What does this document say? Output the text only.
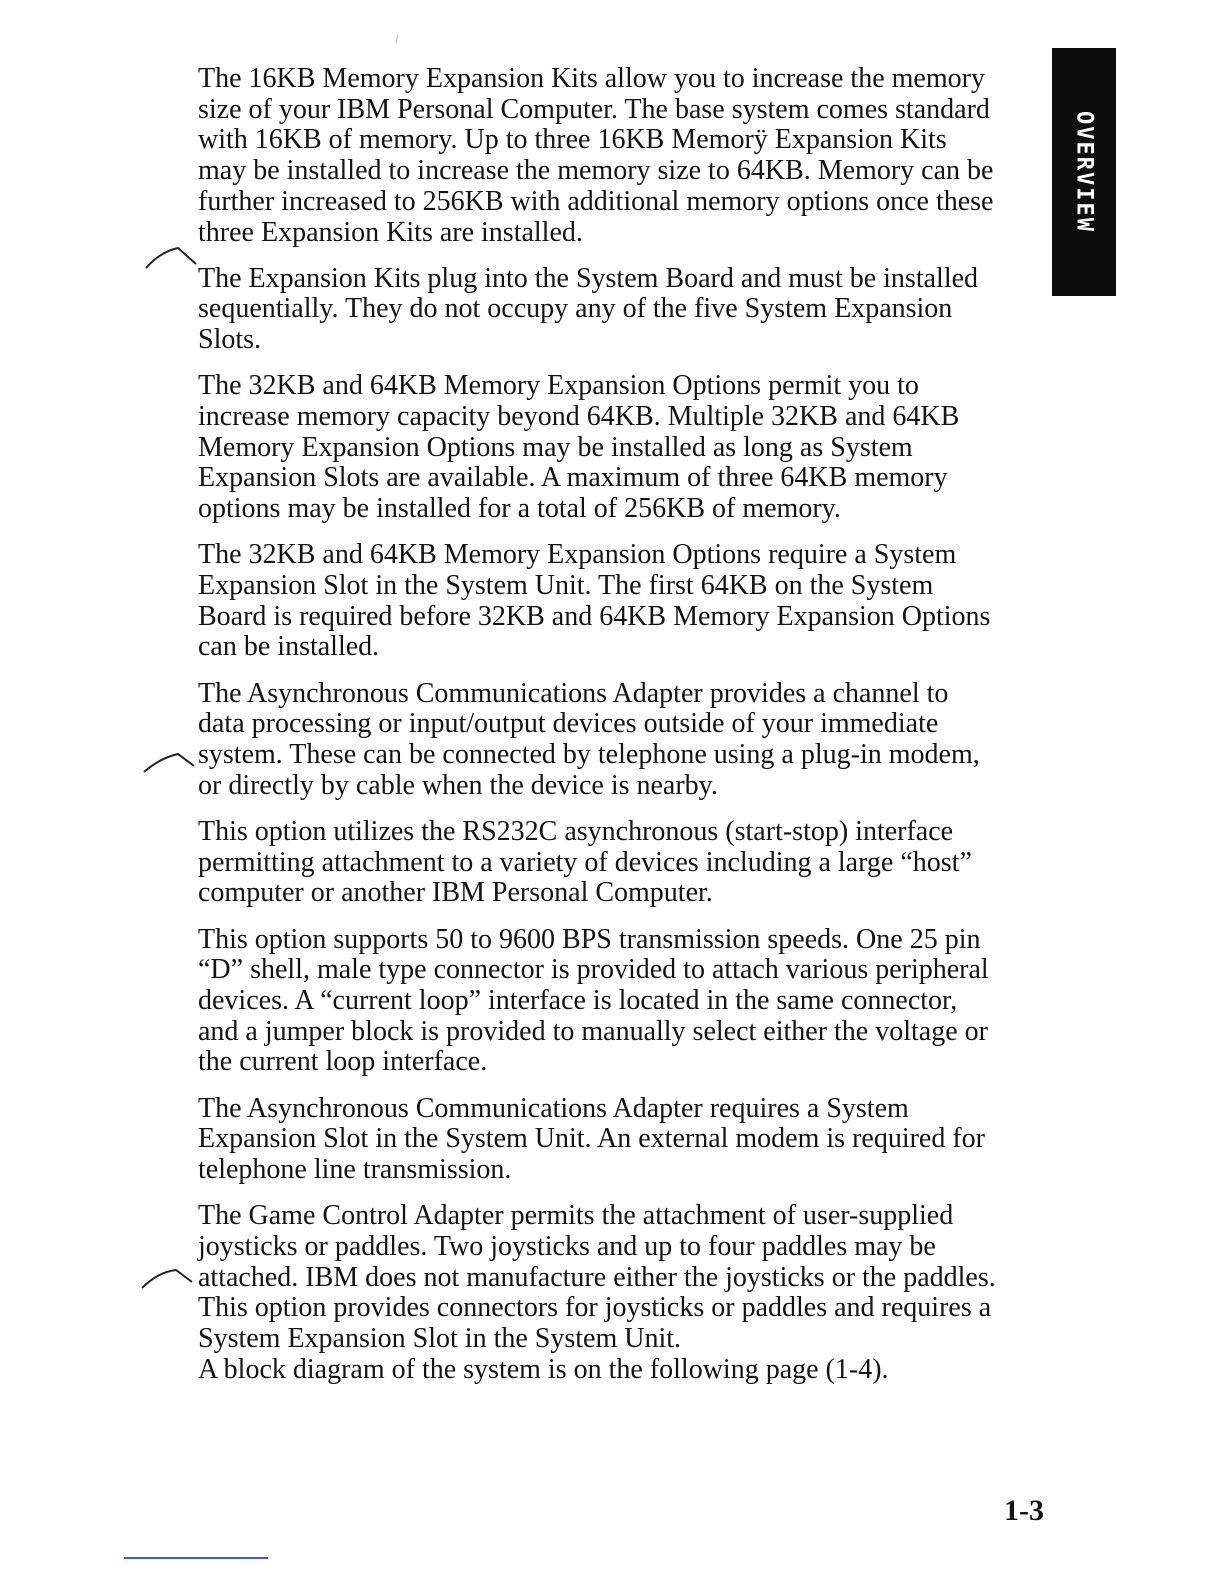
OVERVIEW

The 16KB Memory Expansion Kits allow you to increase the memory
size of your IBM Personal Computer. The base system comes standard
with 16KB of memory. Up to three 16KB Memorÿ Expansion Kits
may be installed to increase the memory size to 64KB. Memory can be
further increased to 256KB with additional memory options once these
three Expansion Kits are installed.

The Expansion Kits plug into the System Board and must be installed
sequentially. They do not occupy any of the five System Expansion
Slots.

The 32KB and 64KB Memory Expansion Options permit you to
increase memory capacity beyond 64KB. Multiple 32KB and 64KB
Memory Expansion Options may be installed as long as System
Expansion Slots are available. A maximum of three 64KB memory
options may be installed for a total of 256KB of memory.

The 32KB and 64KB Memory Expansion Options require a System
Expansion Slot in the System Unit. The first 64KB on the System
Board is required before 32KB and 64KB Memory Expansion Options
can be installed.

The Asynchronous Communications Adapter provides a channel to
data processing or input/output devices outside of your immediate
system. These can be connected by telephone using a plug-in modem,
or directly by cable when the device is nearby.

This option utilizes the RS232C asynchronous (start-stop) interface
permitting attachment to a variety of devices including a large “host”
computer or another IBM Personal Computer.

This option supports 50 to 9600 BPS transmission speeds. One 25 pin
“D” shell, male type connector is provided to attach various peripheral
devices. A “current loop” interface is located in the same connector,
and a jumper block is provided to manually select either the voltage or
the current loop interface.

The Asynchronous Communications Adapter requires a System
Expansion Slot in the System Unit. An external modem is required for
telephone line transmission.

The Game Control Adapter permits the attachment of user-supplied
joysticks or paddles. Two joysticks and up to four paddles may be
attached. IBM does not manufacture either the joysticks or the paddles.
This option provides connectors for joysticks or paddles and requires a
System Expansion Slot in the System Unit.

A block diagram of the system is on the following page (1-4).

1-3
